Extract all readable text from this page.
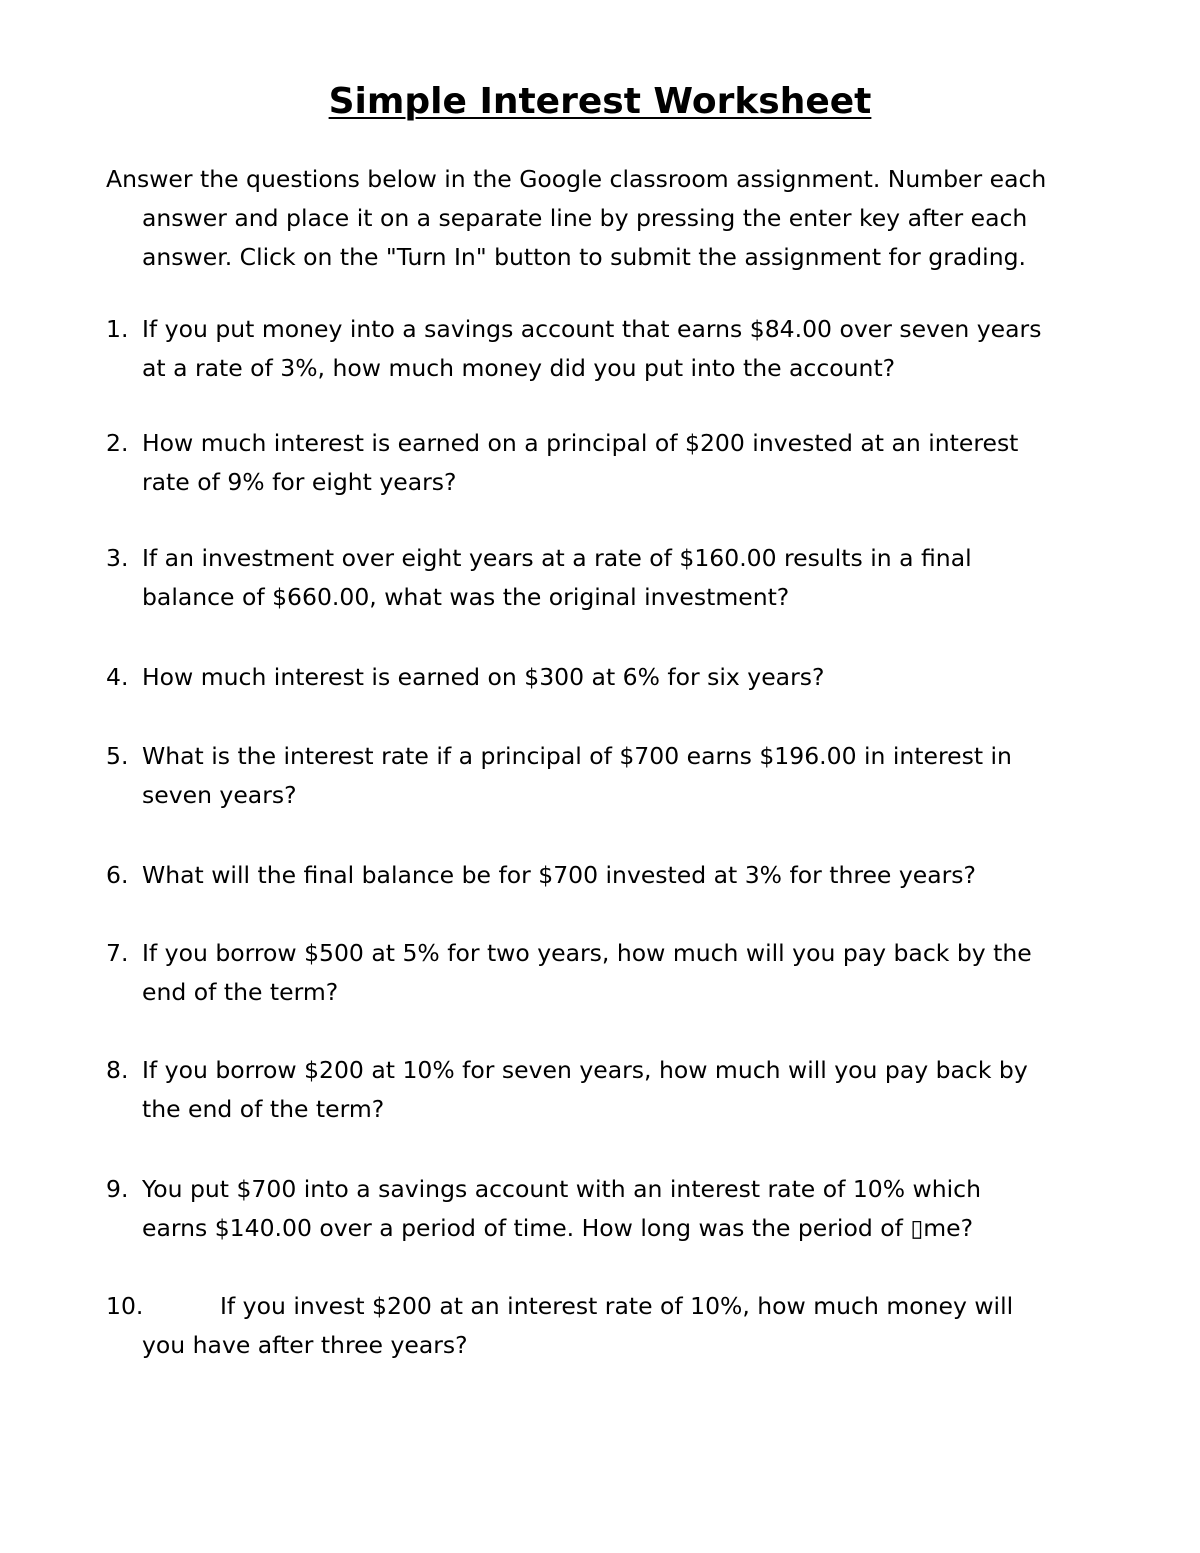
Simple Interest Worksheet

Answer the questions below in the Google classroom assignment. Number each
answer and place it on a separate line by pressing the enter key after each
answer. Click on the "Turn In" button to submit the assignment for grading.

1. If you put money into a savings account that earns $84.00 over seven years
at a rate of 3%, how much money did you put into the account?

2. How much interest is earned on a principal of $200 invested at an interest
rate of 9% for eight years?

3. If an investment over eight years at a rate of $160.00 results in a final
balance of $660.00, what was the original investment?

4. How much interest is earned on $300 at 6% for six years?

5. What is the interest rate if a principal of $700 earns $196.00 in interest in
seven years?

6. What will the final balance be for $700 invested at 3% for three years?

7. If you borrow $500 at 5% for two years, how much will you pay back by the
end of the term?

8. If you borrow $200 at 10% for seven years, how much will you pay back by
the end of the term?

9. You put $700 into a savings account with an interest rate of 10% which
earns $140.00 over a period of time. How long was the period of ▯me?

10.	If you invest $200 at an interest rate of 10%, how much money will
you have after three years?
